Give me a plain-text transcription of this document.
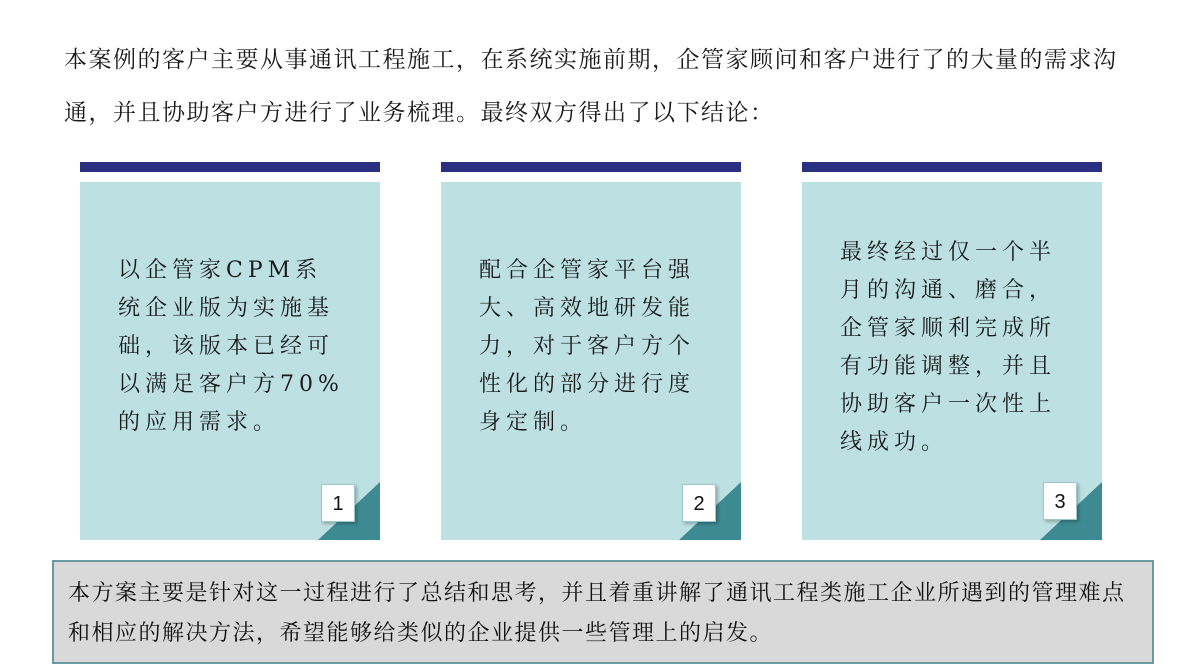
本案例的客户主要从事通讯工程施工，在系统实施前期，企管家顾问和客户进行了的大量的需求沟通，并且协助客户方进行了业务梳理。最终双方得出了以下结论：

以企管家CPM系统企业版为实施基础，该版本已经可以满足客户方70%的应用需求。

1

配合企管家平台强大、高效地研发能力，对于客户方个性化的部分进行度身定制。

2

最终经过仅一个半月的沟通、磨合，企管家顺利完成所有功能调整，并且协助客户一次性上线成功。

3

本方案主要是针对这一过程进行了总结和思考，并且着重讲解了通讯工程类施工企业所遇到的管理难点和相应的解决方法，希望能够给类似的企业提供一些管理上的启发。
